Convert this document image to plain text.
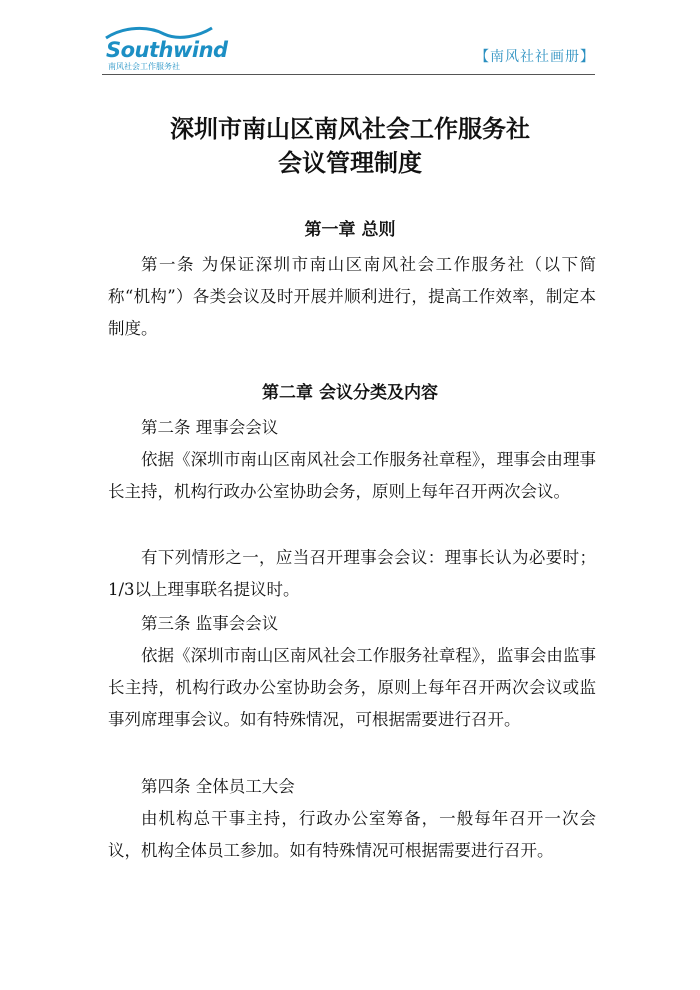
Southwind
南风社会工作服务社
【南风社社画册】
深圳市南山区南风社会工作服务社
会议管理制度
第一章 总则

第一条 为保证深圳市南山区南风社会工作服务社（以下简称“机构”）各类会议及时开展并顺利进行，提高工作效率，制定本制度。

第二章 会议分类及内容

第二条 理事会会议

依据《深圳市南山区南风社会工作服务社章程》，理事会由理事长主持，机构行政办公室协助会务，原则上每年召开两次会议。

有下列情形之一，应当召开理事会会议：理事长认为必要时；1/3以上理事联名提议时。

第三条 监事会会议

依据《深圳市南山区南风社会工作服务社章程》，监事会由监事长主持，机构行政办公室协助会务，原则上每年召开两次会议或监事列席理事会议。如有特殊情况，可根据需要进行召开。

第四条 全体员工大会

由机构总干事主持，行政办公室筹备，一般每年召开一次会议，机构全体员工参加。如有特殊情况可根据需要进行召开。
